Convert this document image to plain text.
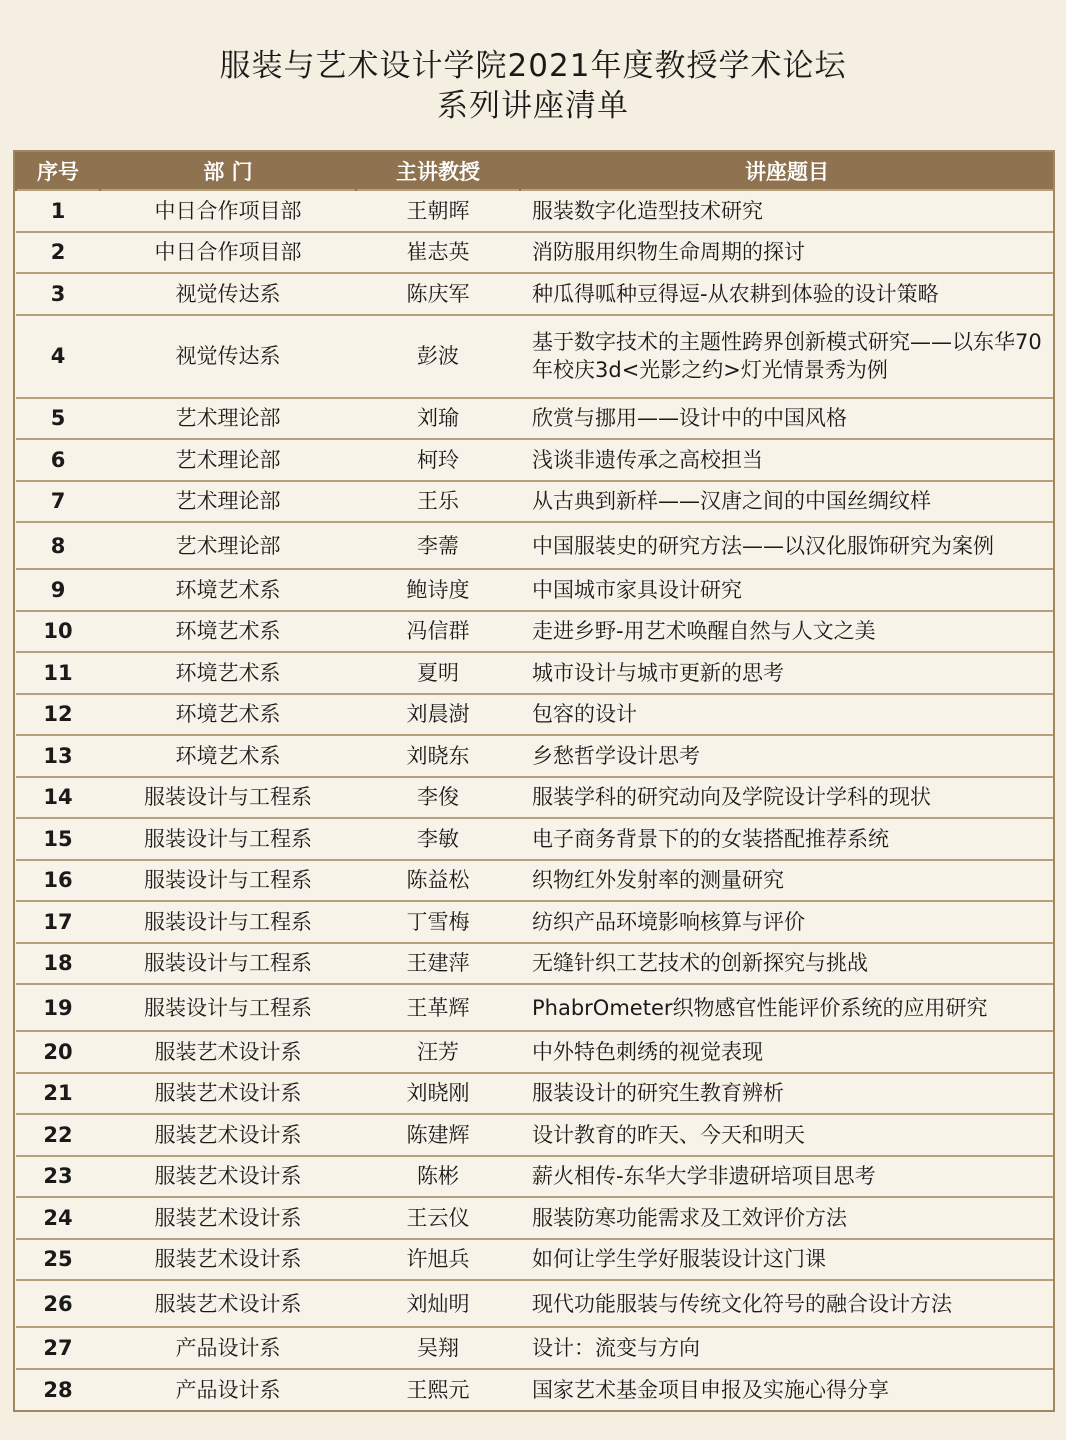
服装与艺术设计学院2021年度教授学术论坛
系列讲座清单
序号	部 门	主讲教授	讲座题目
1	中日合作项目部	王朝晖	服装数字化造型技术研究
2	中日合作项目部	崔志英	消防服用织物生命周期的探讨
3	视觉传达系	陈庆军	种瓜得呱种豆得逗-从农耕到体验的设计策略
4	视觉传达系	彭波	基于数字技术的主题性跨界创新模式研究——以东华70年校庆3d<光影之约>灯光情景秀为例
5	艺术理论部	刘瑜	欣赏与挪用——设计中的中国风格
6	艺术理论部	柯玲	浅谈非遗传承之高校担当
7	艺术理论部	王乐	从古典到新样——汉唐之间的中国丝绸纹样
8	艺术理论部	李薷	中国服装史的研究方法——以汉化服饰研究为案例
9	环境艺术系	鲍诗度	中国城市家具设计研究
10	环境艺术系	冯信群	走进乡野-用艺术唤醒自然与人文之美
11	环境艺术系	夏明	城市设计与城市更新的思考
12	环境艺术系	刘晨澍	包容的设计
13	环境艺术系	刘晓东	乡愁哲学设计思考
14	服装设计与工程系	李俊	服装学科的研究动向及学院设计学科的现状
15	服装设计与工程系	李敏	电子商务背景下的的女装搭配推荐系统
16	服装设计与工程系	陈益松	织物红外发射率的测量研究
17	服装设计与工程系	丁雪梅	纺织产品环境影响核算与评价
18	服装设计与工程系	王建萍	无缝针织工艺技术的创新探究与挑战
19	服装设计与工程系	王革辉	PhabrOmeter织物感官性能评价系统的应用研究
20	服装艺术设计系	汪芳	中外特色刺绣的视觉表现
21	服装艺术设计系	刘晓刚	服装设计的研究生教育辨析
22	服装艺术设计系	陈建辉	设计教育的昨天、今天和明天
23	服装艺术设计系	陈彬	薪火相传-东华大学非遗研培项目思考
24	服装艺术设计系	王云仪	服装防寒功能需求及工效评价方法
25	服装艺术设计系	许旭兵	如何让学生学好服装设计这门课
26	服装艺术设计系	刘灿明	现代功能服装与传统文化符号的融合设计方法
27	产品设计系	吴翔	设计：流变与方向
28	产品设计系	王熙元	国家艺术基金项目申报及实施心得分享
